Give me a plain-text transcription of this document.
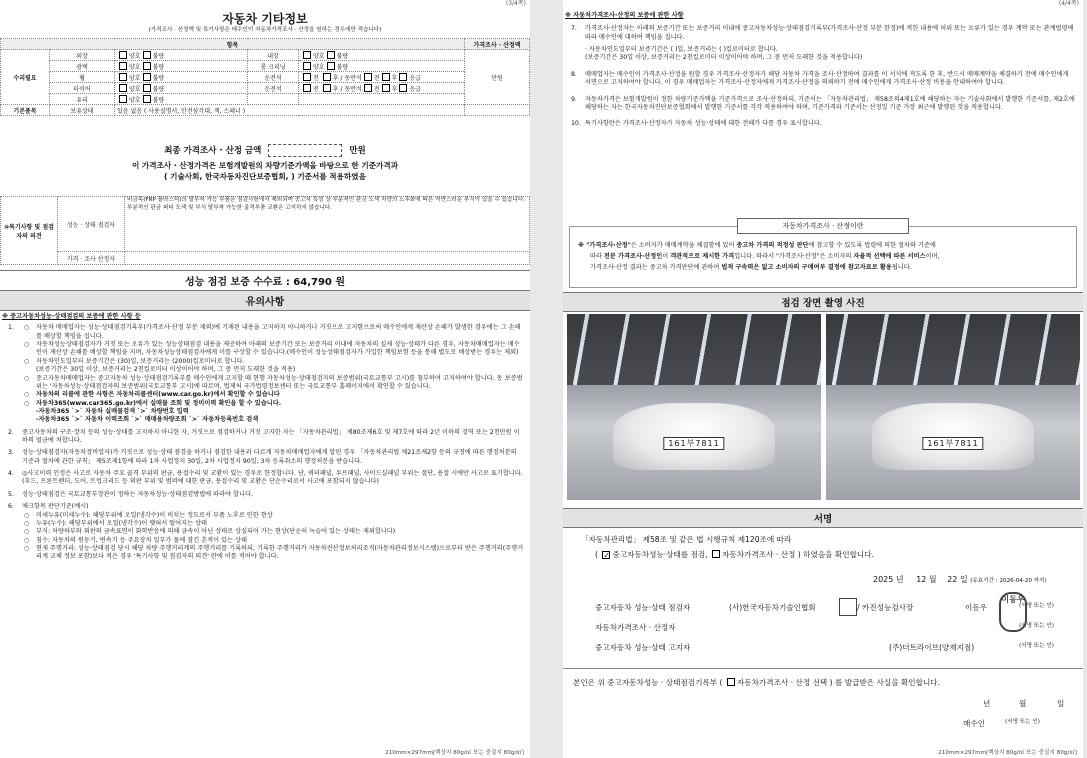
(3/4쪽)
자동차 기타정보
(가격조사 · 산정액 및 특기사항은 매수인이 자동차가격조사 · 산정을 원하는 경우에만 적습니다)
항목					가격조사 · 산정액
수리필요	외장	양호 불량	내장	양호 불량	만원
	광택	양호 불량	룸 크리닝	양호 불량	
	휠	양호 불량	운전석	전 후 / 동반석 전 후 응급	
	타이어	양호 불량	운전석	전 후 / 동반석 전 후 응급	
	유리	양호 불량			
기본품목	보유상태	있음 없음 ( 사용설명서, 안전삼각대, 잭, 스패너 )			
최종 가격조사 · 산정 금액	만원
이 가격조사 · 산정가격은 보험개발원의 차량기준가액을 바탕으로 한 기준가격과
( 기술사회, 한국자동차진단보증협회, ) 기준서를 적용하였음
⑩특기사항 및 점검자의 의견	성능 · 상태 점검자	비금속(FRP 플라스틱)의 탈부착 가능 부품은 점검사항에서 제외되며 중고차 특성 상 부분적인 판금 도색 차량의 노후화에 따른 자연스러운 부식이 있을 수 있습니다. 부분적인 판금 퍼티 도색 및 부식 탈부착 가능한 골격부품 교환은 고지하지 않습니다.
	가격 · 조사 산정자	
성능 점검 보증 수수료 : 64,790 원
유의사항
※ 중고자동차성능·상태점검의 보증에 관한 사항 등
1.	○ 자동차 매매업자는 성능·상태점검기록부(가격조사·산정 부분 제외)에 기재된 내용을 고지하지 아니하거나 거짓으로 고지함으로써 매수인에게 재산상 손해가 발생한 경우에는 그 손해를 배상할 책임을 집니다.
○ 자동차성능상태점검자가 거짓 또는 오류가 있는 성능상태점검 내용을 제공하여 아래의 보증기간 또는 보증거리 이내에 자동차의 실제 성능·상태가 다른 경우, 자동차매매업자는 매수인이 재산상 손해를 배상할 책임을 지며, 자동차성능상태점검자에게 이를 구상할 수 있습니다.(매수인이 성능상태점검자가 가입한 책임보험 등을 통해 별도로 배상받는 경우는 제외)
○ 자동차인도일부터 보증기간은 (30)일, 보증거리는 (2000)킬로미터로 합니다.
(보증기간은 30일 이상, 보증거리는 2천킬로미터 이상이어야 하며, 그 중 먼저 도래한 것을 적용)
○ 중고자동차매매업자는 중고자동차 성능·상태점검기록부를 매수인에게 고지할 때 현행 자동차성능·상태점검자의 보증범위(국토교통부 고시)를 첨부하여 고지하여야 합니다. 동 보증범위는 '자동차성능·상태점검자의 보증범위(국토교통부 고시)에 따르며, 법제처 국가법령정보센터 또는 국토교통부 홈페이지에서 확인할 수 있습니다.
○ 자동차의 리콜에 관한 사항은 자동차리콜센터(www.car.go.kr)에서 확인할 수 있습니다
○ 자동차365(www.car365.go.kr)에서 실매물 조회 및 정비이력 확인을 할 수 있습니다.
-자동차365 `>` 자동차 실매물검색 `>` 차량번호 입력
-자동차365 `>` 자동차 이력조회 `>` 매매용차량조회 `>` 자동차등록번호 검색
2. 중고자동차의 구조·장치 등의 성능·상태를 고지하지 아니한 자, 거짓으로 점검하거나 거짓 고지한 자는 「자동차관리법」 제80조제6호 및 제7호에 따라 2년 이하의 징역 또는 2천만원 이하의 벌금에 처합니다.
3. 성능·상태점검자(자동차정비업자)가 거짓으로 성능·상태 점검을 하거나 점검한 내용과 다르게 자동차매매업자에게 알린 경우 「자동차관리법 제21조제2항 등의 규정에 따른 행정처분의 기준과 절차에 관한 규칙」 제5조제1항에 따라 1차 사업정지 30일, 2차 사업정지 90일, 3차 등록취소의 행정처분을 받습니다.
4. ◎사고이력 인정은 사고로 자동차 주요 골격 부위의 판금, 용접수리 및 교환이 있는 경우로 한정합니다. 단, 쿼터패널, 루프패널, 사이드실패널 부위는 절단, 용접 시에만 사고로 표기합니다. (후드, 프론트펜더, 도어, 트렁크리드 등 외판 부위 및 범퍼에 대한 판금, 용접수리 및 교환은 단순수리로서 사고에 포함되지 않습니다)
5. 성능·상태점검은 국토교통부장관이 정하는 자동차성능·상태점검방법에 따라야 합니다.
6. 체크항목 판단기준(예시)
○ 미세누유(미세누수): 해당부위에 오일(냉각수)이 비치는 정도로서 부품 노후로 인한 현상
○ 누유(누수): 해당부위에서 오일(냉각수)이 맺혀서 떨어지는 상태
○ 부식: 차량하부와 외판의 금속표면이 화학반응에 의해 금속이 아닌 상태로 상실되어 가는 현상(단순히 녹슬어 있는 상태는 제외합니다)
○ 침수: 자동차의 원동기, 변속기 등 주요장치 일부가 물에 잠긴 흔적이 있는 상태
○ 현재 주행거리: 성능·상태점검 당시 해당 차량 주행거리계의 주행거리를 기록하되, 기록한 주행거리가 자동차전산정보처리조직(자동차관리정보시스템)으로부터 받은 주행거리(주행거리계 교체 정보 포함)보다 적은 경우 '특기사항 및 점검자의 의견' 란에 이를 적어야 합니다.
210mm×297mm[백상지 80g/㎡ 또는 중질지 80g/㎡]
(4/4쪽)
※ 자동차가격조사·산정의 보증에 관한 사항
7. 가격조사·산정자는 아래의 보증기간 또는 보증거리 이내에 중고자동차성능·상태점검기록부(가격조사·산정 부분 한정)에 적힌 내용에 허위 또는 오류가 있는 경우 계약 또는 관계법령에 따라 매수인에 대하여 책임을 집니다.
· 자동차인도일부터 보증기간은 ( )일, 보증거리는 ( )킬로미터로 합니다.
(보증기간은 30일 이상, 보증거리는 2천킬로미터 이상이어야 하며, 그 중 먼저 도래한 것을 적용합니다)
8. 매매업자는 매수인이 가격조사·산정을 원할 경우 가격조사·산정자가 해당 자동차 가격을 조사·산정하여 결과를 이 서식에 적도록 한 후, 반드시 매매계약을 체결하기 전에 매수인에게 서면으로 고지하여야 합니다. 이 경우 매매업자는 가격조사·산정자에게 가격조사·산정을 의뢰하기 전에 매수인에게 가격조사·산정 비용을 안내하여야 합니다.
9. 자동차가격은 보험개발원이 정한 차량기준가액을 기준가격으로 조사·산정하되, 기준서는 「자동차관리법」 제58조의4제1호에 해당하는 자는 기술사회에서 발행한 기준서를, 제2호에 해당하는 자는 한국자동차진단보증협회에서 발행한 기준서를 각각 적용하여야 하며, 기준가격과 기준서는 산정일 기준 가장 최근에 발행된 것을 적용합니다.
10. 특기사항란은 가격조사·산정자가 자동차 성능·상태에 대한 견해가 다를 경우 표시합니다.
자동차가격조사 · 산정이란
※ "가격조사·산정"은 소비자가 매매계약을 체결함에 있어 중고차 가격의 적정성 판단에 참고할 수 있도록 법령에 의한 절차와 기준에
따라 전문 가격조사·산정인이 객관적으로 제시한 가격입니다. 따라서 "가격조사·산정"은 소비자의 자율적 선택에 따른 서비스이며,
가격조사·산정 결과는 중고차 가격판단에 관하여 법적 구속력은 없고 소비자의 구매여부 결정에 참고자료로 활용됩니다.
점검 장면 촬영 사진
161부7811	161부7811
서명
「자동차관리법」 제58조 및 같은 법 시행규칙 제120조에 따라
( ✓중고자동차성능·상태를 점검, 자동차가격조사 · 산정 ) 하였음을 확인합니다.
2025 년 12 월 22 일 (유효기간 : 2026-04-20 까지)
중고자동차 성능·상태 점검자	(사)한국자동차기술인협회	/ 카진성능검사장	이동우	(서명 또는 인)
자동차가격조사 · 산정자	(서명 또는 인)
중고자동차 성능·상태 고지자	(주)더트라이브(양재지점)	(서명 또는 인)
이동우
본인은 위 중고자동차성능 · 상태점검기록부 ( 자동차가격조사 · 산정 선택 ) 를 발급받은 사실을 확인합니다.
년	월	일
매수인	(서명 또는 인)
210mm×297mm[백상지 80g/㎡ 또는 중질지 80g/㎡]
